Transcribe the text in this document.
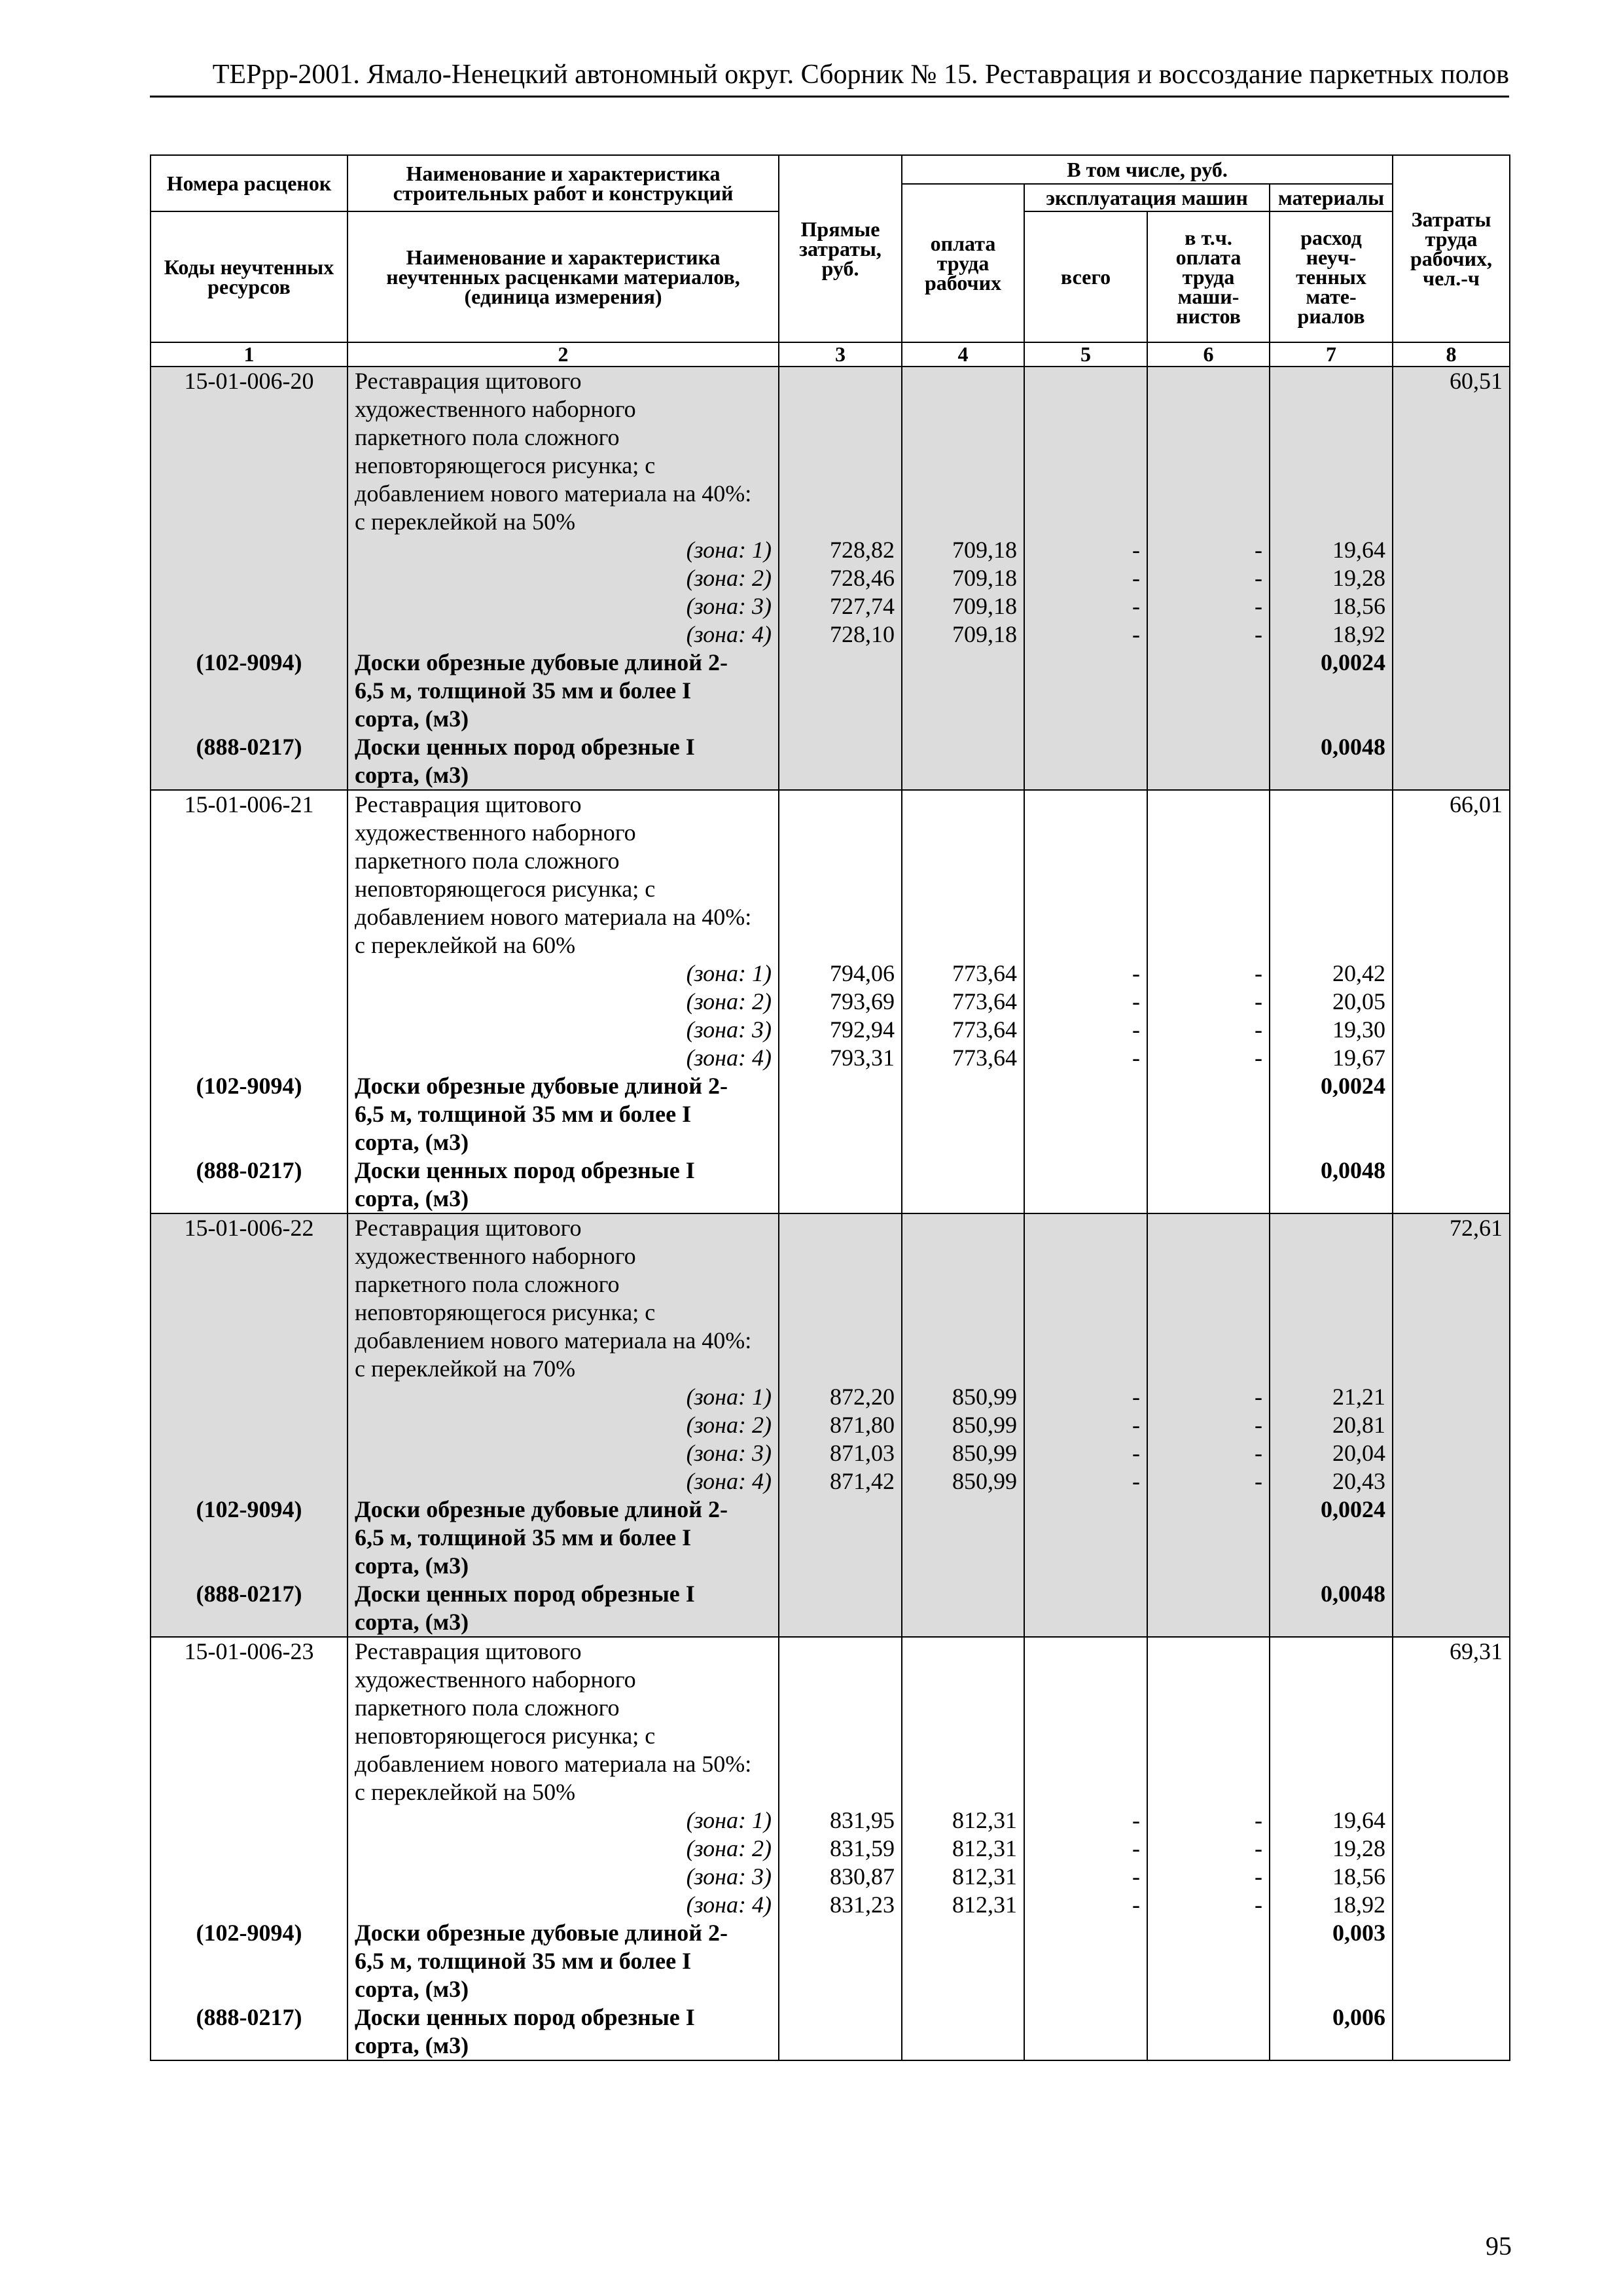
ТЕРрр-2001. Ямало-Ненецкий автономный округ. Сборник № 15. Реставрация и воссоздание паркетных полов
Номера расценок	Наименование и характеристика строительных работ и конструкций	Прямые затраты, руб.	В том числе, руб.				Затраты труда рабочих, чел.-ч
			оплата труда рабочих	эксплуатация машин		материалы	
Коды неучтенных ресурсов	Наименование и характеристика неучтенных расценками материалов, (единица измерения)			всего	в т.ч. оплата труда маши-нистов	расход неуч-тенных мате-риалов	
1	2	3	4	5	6	7	8
15-01-006-20	Реставрация щитового						60,51
	художественного наборного						
	паркетного пола сложного						
	неповторяющегося рисунка; с						
	добавлением нового материала на 40%:						
	с переклейкой на 50%						
	(зона: 1)	728,82	709,18	-	-	19,64	
	(зона: 2)	728,46	709,18	-	-	19,28	
	(зона: 3)	727,74	709,18	-	-	18,56	
	(зона: 4)	728,10	709,18	-	-	18,92	
(102-9094)	Доски обрезные дубовые длиной 2-					0,0024	
	6,5 м, толщиной 35 мм и более I						
	сорта, (м3)						
(888-0217)	Доски ценных пород обрезные I					0,0048	
	сорта, (м3)						
15-01-006-21	Реставрация щитового						66,01
	художественного наборного						
	паркетного пола сложного						
	неповторяющегося рисунка; с						
	добавлением нового материала на 40%:						
	с переклейкой на 60%						
	(зона: 1)	794,06	773,64	-	-	20,42	
	(зона: 2)	793,69	773,64	-	-	20,05	
	(зона: 3)	792,94	773,64	-	-	19,30	
	(зона: 4)	793,31	773,64	-	-	19,67	
(102-9094)	Доски обрезные дубовые длиной 2-					0,0024	
	6,5 м, толщиной 35 мм и более I						
	сорта, (м3)						
(888-0217)	Доски ценных пород обрезные I					0,0048	
	сорта, (м3)						
15-01-006-22	Реставрация щитового						72,61
	художественного наборного						
	паркетного пола сложного						
	неповторяющегося рисунка; с						
	добавлением нового материала на 40%:						
	с переклейкой на 70%						
	(зона: 1)	872,20	850,99	-	-	21,21	
	(зона: 2)	871,80	850,99	-	-	20,81	
	(зона: 3)	871,03	850,99	-	-	20,04	
	(зона: 4)	871,42	850,99	-	-	20,43	
(102-9094)	Доски обрезные дубовые длиной 2-					0,0024	
	6,5 м, толщиной 35 мм и более I						
	сорта, (м3)						
(888-0217)	Доски ценных пород обрезные I					0,0048	
	сорта, (м3)						
15-01-006-23	Реставрация щитового						69,31
	художественного наборного						
	паркетного пола сложного						
	неповторяющегося рисунка; с						
	добавлением нового материала на 50%:						
	с переклейкой на 50%						
	(зона: 1)	831,95	812,31	-	-	19,64	
	(зона: 2)	831,59	812,31	-	-	19,28	
	(зона: 3)	830,87	812,31	-	-	18,56	
	(зона: 4)	831,23	812,31	-	-	18,92	
(102-9094)	Доски обрезные дубовые длиной 2-					0,003	
	6,5 м, толщиной 35 мм и более I						
	сорта, (м3)						
(888-0217)	Доски ценных пород обрезные I					0,006	
	сорта, (м3)						
95
